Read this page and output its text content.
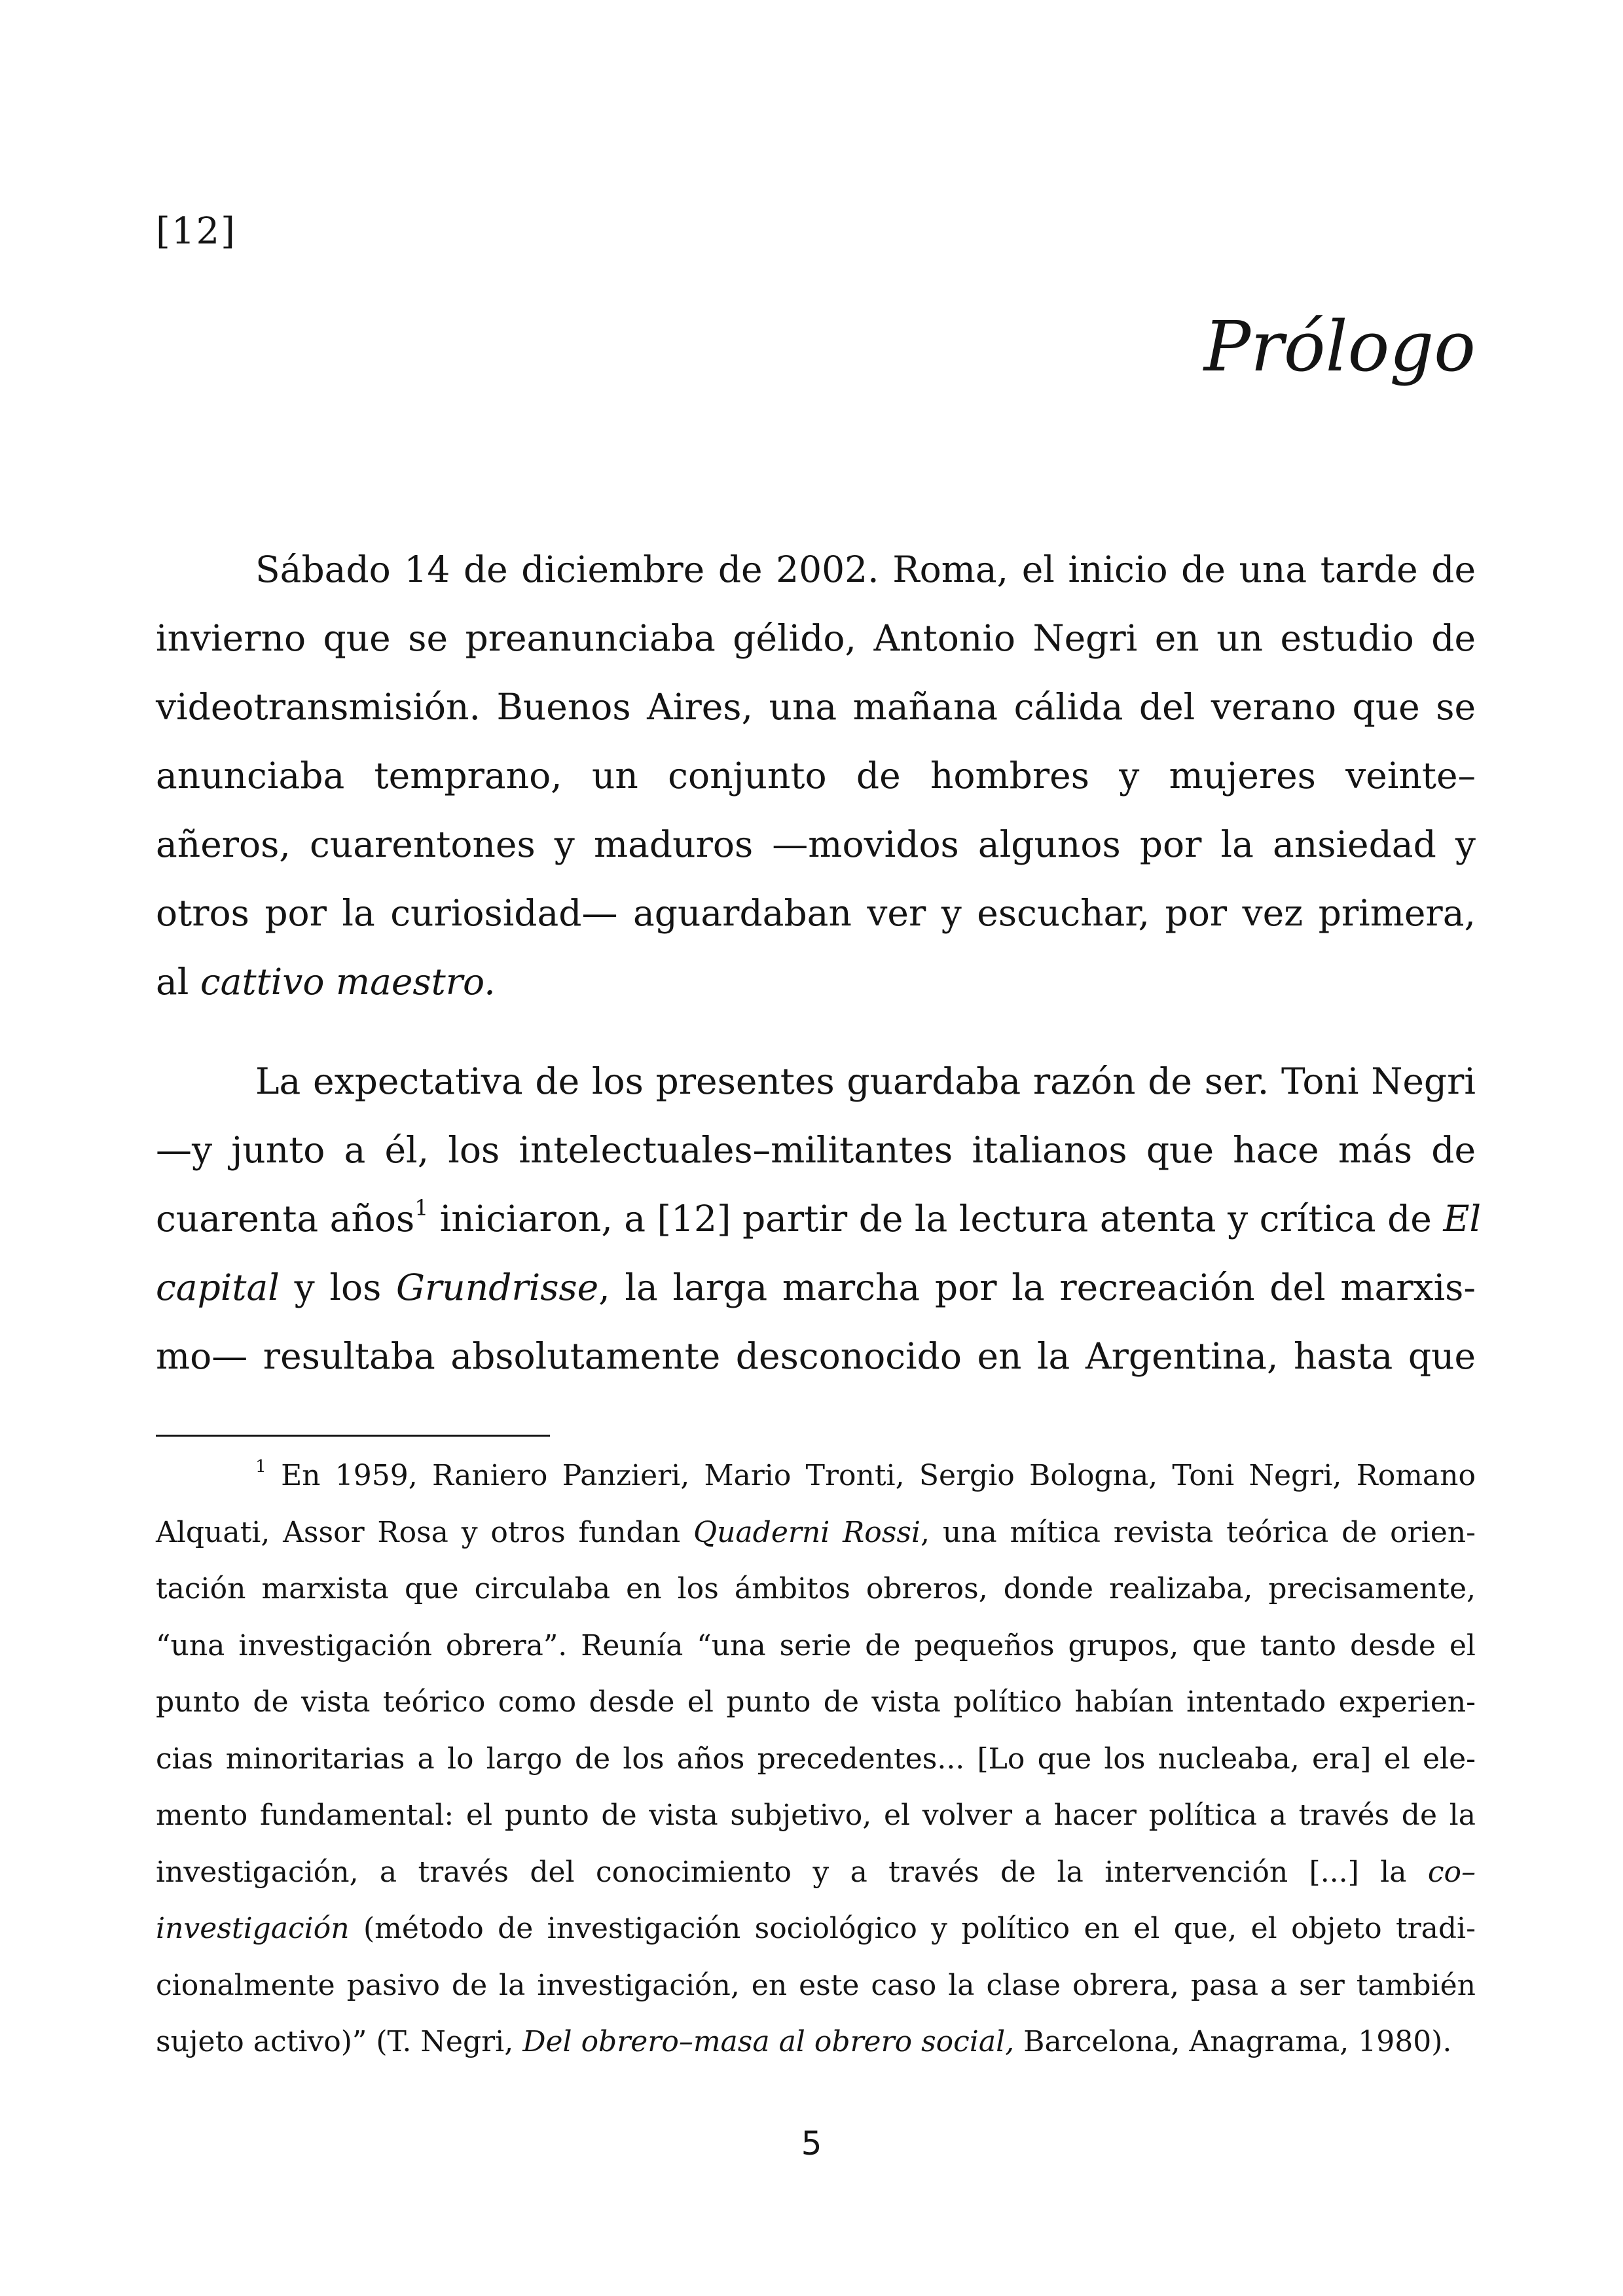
[12]
Prólogo
Sábado 14 de diciembre de 2002. Roma, el inicio de una tarde de
invierno que se preanunciaba gélido, Antonio Negri en un estudio de
videotransmisión. Buenos Aires, una mañana cálida del verano que se
anunciaba temprano, un conjunto de hombres y mujeres veinte–
añeros, cuarentones y maduros —movidos algunos por la ansiedad y
otros por la curiosidad— aguardaban ver y escuchar, por vez primera,
al cattivo maestro.
La expectativa de los presentes guardaba razón de ser. Toni Negri
—y junto a él, los intelectuales–militantes italianos que hace más de
cuarenta años$^1$ iniciaron, a [12] partir de la lectura atenta y crítica de El
capital y los Grundrisse, la larga marcha por la recreación del marxis-
mo— resultaba absolutamente desconocido en la Argentina, hasta que
$^1$ En 1959, Raniero Panzieri, Mario Tronti, Sergio Bologna, Toni Negri, Romano
Alquati, Assor Rosa y otros fundan Quaderni Rossi, una mítica revista teórica de orien-
tación marxista que circulaba en los ámbitos obreros, donde realizaba, precisamente,
“una investigación obrera”. Reunía “una serie de pequeños grupos, que tanto desde el
punto de vista teórico como desde el punto de vista político habían intentado experien-
cias minoritarias a lo largo de los años precedentes... [Lo que los nucleaba, era] el ele-
mento fundamental: el punto de vista subjetivo, el volver a hacer política a través de la
investigación, a través del conocimiento y a través de la intervención [...] la co–
investigación (método de investigación sociológico y político en el que, el objeto tradi-
cionalmente pasivo de la investigación, en este caso la clase obrera, pasa a ser también
sujeto activo)” (T. Negri, Del obrero–masa al obrero social, Barcelona, Anagrama, 1980).
5
